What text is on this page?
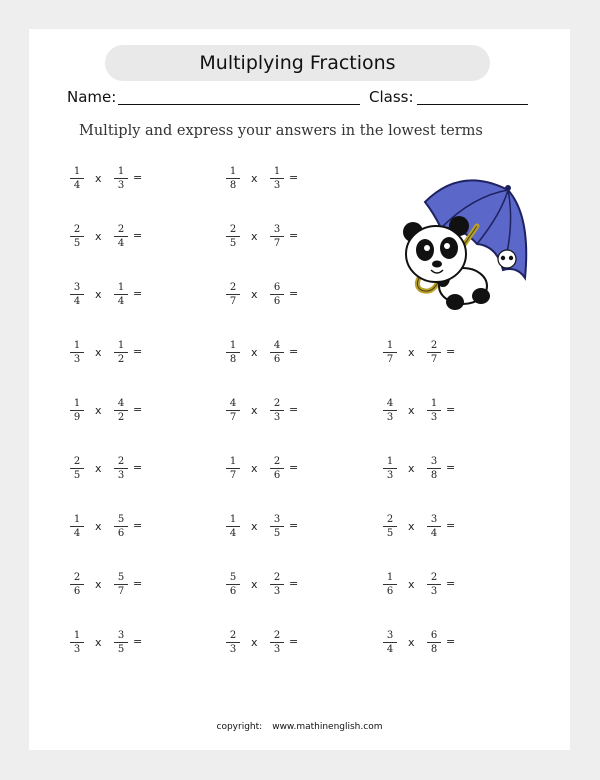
Multiplying Fractions
Name:	Class:
Multiply and express your answers in the lowest terms
$\frac{1}{4}$ x $\frac{1}{3}$ =	$\frac{1}{8}$ x $\frac{1}{3}$ =
$\frac{2}{5}$ x $\frac{2}{4}$ =	$\frac{2}{5}$ x $\frac{3}{7}$ =
$\frac{3}{4}$ x $\frac{1}{4}$ =	$\frac{2}{7}$ x $\frac{6}{6}$ =
$\frac{1}{3}$ x $\frac{1}{2}$ =	$\frac{1}{8}$ x $\frac{4}{6}$ =	$\frac{1}{7}$ x $\frac{2}{7}$ =
$\frac{1}{9}$ x $\frac{4}{2}$ =	$\frac{4}{7}$ x $\frac{2}{3}$ =	$\frac{4}{3}$ x $\frac{1}{3}$ =
$\frac{2}{5}$ x $\frac{2}{3}$ =	$\frac{1}{7}$ x $\frac{2}{6}$ =	$\frac{1}{3}$ x $\frac{3}{8}$ =
$\frac{1}{4}$ x $\frac{5}{6}$ =	$\frac{1}{4}$ x $\frac{3}{5}$ =	$\frac{2}{5}$ x $\frac{3}{4}$ =
$\frac{2}{6}$ x $\frac{5}{7}$ =	$\frac{5}{6}$ x $\frac{2}{3}$ =	$\frac{1}{6}$ x $\frac{2}{3}$ =
$\frac{1}{3}$ x $\frac{3}{5}$ =	$\frac{2}{3}$ x $\frac{2}{3}$ =	$\frac{3}{4}$ x $\frac{6}{8}$ =
copyright: www.mathinenglish.com
